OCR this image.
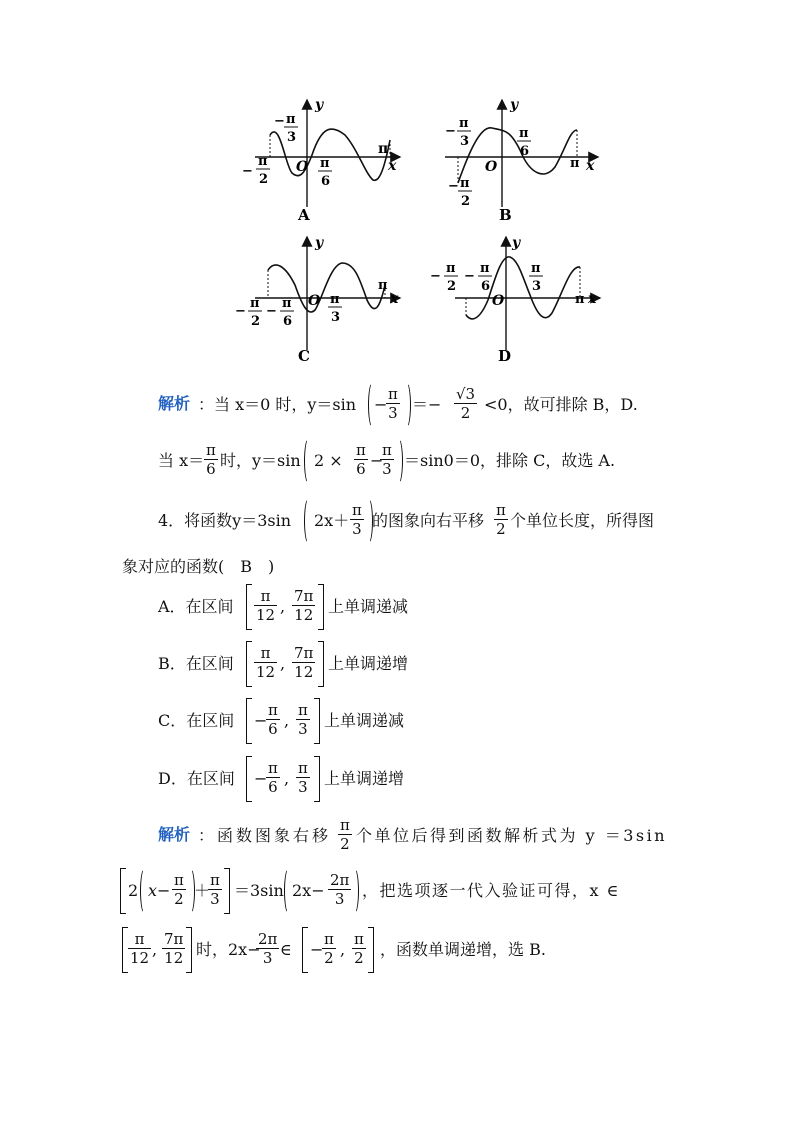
y
x
O
π
− π
3
−
π
2
π
6
A
y
x
O	π
−
π
3
π
6
− π
2
B
y
x
O
π
−
π
2
−
π
6
π
3
C
y
x
O	π
−
π
2
−
π
6
π
3
D
解析 ：当 x＝0 时，y＝sin −
$\frac{\pi}{3} =- \frac{√3}{2} <0$，故可排除 B，D.
当 $x= \frac{\pi}{6}$ 时，y＝sin $2 \times \frac{\pi}{6}$ −
$\frac{\pi}{3} =\sin 0=0$，排除 C，故选 A.
4．将函数y＝3sin $2x+ \frac{\pi}{3}$ 的图象向右平移 $\frac{\pi}{2}$ 个单位长度，所得图
象对应的函数(　B　)
A．在区间 $\frac{\pi}{12}$ , $\frac{7\pi}{12}$ 上单调递减
B．在区间 $\frac{\pi}{12}$ , $\frac{7\pi}{12}$ 上单调递增
C．在区间 −
$\frac{\pi}{6}$ , $\frac{\pi}{3}$ 上单调递减
D．在区间 −
$\frac{\pi}{6}$ , $\frac{\pi}{3}$ 上单调递增
解析 ：函数图象右移 $\frac{\pi}{2}$ 个单位后得到函数解析式为 y ＝3sin
2 $x- \frac{\pi}{2}$ ＋
$\frac{\pi}{3} =3\sin$ $2x- \frac{2\pi}{3}$ ，把选项逐一代入验证可得，x ∈
$\frac{\pi}{12}$ , $\frac{7\pi}{12}$ 时，2x−
$\frac{2\pi}{3}$ ∈ −
$\frac{\pi}{2}$ , $\frac{\pi}{2}$ ，函数单调递增，选 B.
